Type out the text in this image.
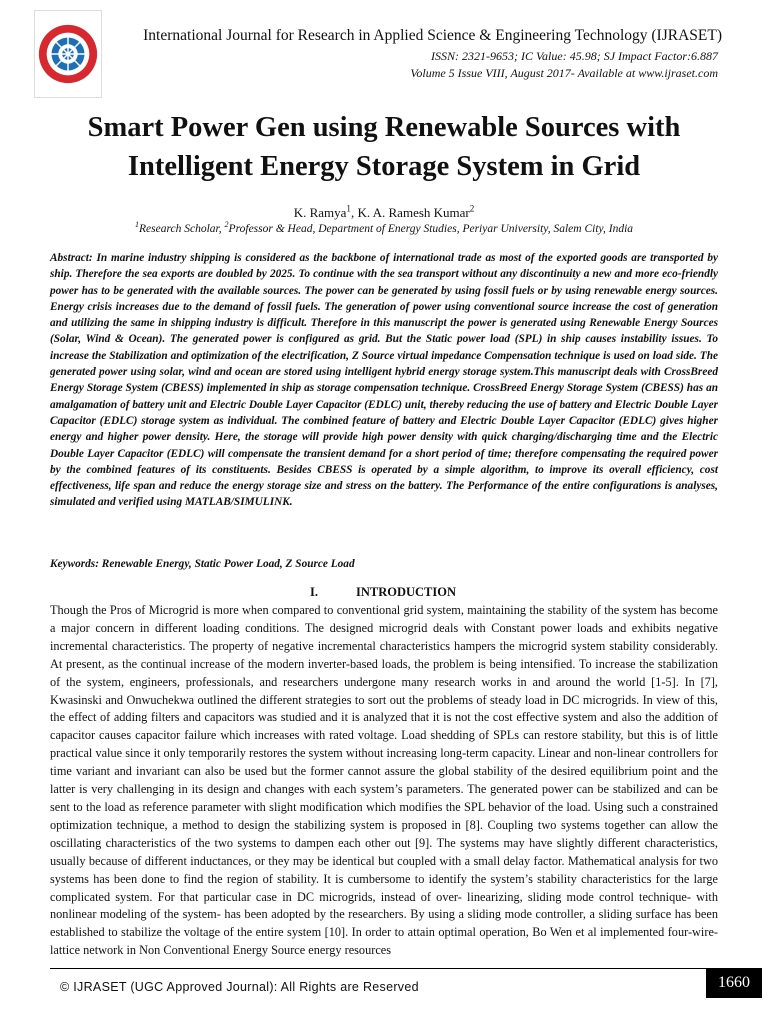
International Journal for Research in Applied Science & Engineering Technology (IJRASET)
ISSN: 2321-9653; IC Value: 45.98; SJ Impact Factor:6.887
Volume 5 Issue VIII, August 2017- Available at www.ijraset.com
Smart Power Gen using Renewable Sources with
Intelligent Energy Storage System in Grid
K. Ramya$^1$, K. A. Ramesh Kumar$^2$
$^1$Research Scholar, $^2$Professor & Head, Department of Energy Studies, Periyar University, Salem City, India
Abstract: In marine industry shipping is considered as the backbone of international trade as most of the exported goods are transported by ship. Therefore the sea exports are doubled by 2025. To continue with the sea transport without any discontinuity a new and more eco-friendly power has to be generated with the available sources. The power can be generated by using fossil fuels or by using renewable energy sources. Energy crisis increases due to the demand of fossil fuels. The generation of power using conventional source increase the cost of generation and utilizing the same in shipping industry is difficult. Therefore in this manuscript the power is generated using Renewable Energy Sources (Solar, Wind & Ocean). The generated power is configured as grid. But the Static power load (SPL) in ship causes instability issues. To increase the Stabilization and optimization of the electrification, Z Source virtual impedance Compensation technique is used on load side. The generated power using solar, wind and ocean are stored using intelligent hybrid energy storage system.This manuscript deals with CrossBreed Energy Storage System (CBESS) implemented in ship as storage compensation technique. CrossBreed Energy Storage System (CBESS) has an amalgamation of battery unit and Electric Double Layer Capacitor (EDLC) unit, thereby reducing the use of battery and Electric Double Layer Capacitor (EDLC) storage system as individual. The combined feature of battery and Electric Double Layer Capacitor (EDLC) gives higher energy and higher power density. Here, the storage will provide high power density with quick charging/discharging time and the Electric Double Layer Capacitor (EDLC) will compensate the transient demand for a short period of time; therefore compensating the required power by the combined features of its constituents. Besides CBESS is operated by a simple algorithm, to improve its overall efficiency, cost effectiveness, life span and reduce the energy storage size and stress on the battery. The Performance of the entire configurations is analyses, simulated and verified using MATLAB/SIMULINK.
Keywords: Renewable Energy, Static Power Load, Z Source Load
I.	INTRODUCTION
Though the Pros of Microgrid is more when compared to conventional grid system, maintaining the stability of the system has become a major concern in different loading conditions. The designed microgrid deals with Constant power loads and exhibits negative incremental characteristics. The property of negative incremental characteristics hampers the microgrid system stability considerably. At present, as the continual increase of the modern inverter-based loads, the problem is being intensified. To increase the stabilization of the system, engineers, professionals, and researchers undergone many research works in and around the world [1-5]. In [7], Kwasinski and Onwuchekwa outlined the different strategies to sort out the problems of steady load in DC microgrids. In view of this, the effect of adding filters and capacitors was studied and it is analyzed that it is not the cost effective system and also the addition of capacitor causes capacitor failure which increases with rated voltage. Load shedding of SPLs can restore stability, but this is of little practical value since it only temporarily restores the system without increasing long-term capacity. Linear and non-linear controllers for time variant and invariant can also be used but the former cannot assure the global stability of the desired equilibrium point and the latter is very challenging in its design and changes with each system’s parameters. The generated power can be stabilized and can be sent to the load as reference parameter with slight modification which modifies the SPL behavior of the load. Using such a constrained optimization technique, a method to design the stabilizing system is proposed in [8]. Coupling two systems together can allow the oscillating characteristics of the two systems to dampen each other out [9]. The systems may have slightly different characteristics, usually because of different inductances, or they may be identical but coupled with a small delay factor. Mathematical analysis for two systems has been done to find the region of stability. It is cumbersome to identify the system’s stability characteristics for the large complicated system. For that particular case in DC microgrids, instead of over- linearizing, sliding mode control technique- with nonlinear modeling of the system- has been adopted by the researchers. By using a sliding mode controller, a sliding surface has been established to stabilize the voltage of the entire system [10]. In order to attain optimal operation, Bo Wen et al implemented four-wire-lattice network in Non Conventional Energy Source energy resources
© IJRASET (UGC Approved Journal): All Rights are Reserved	1660
